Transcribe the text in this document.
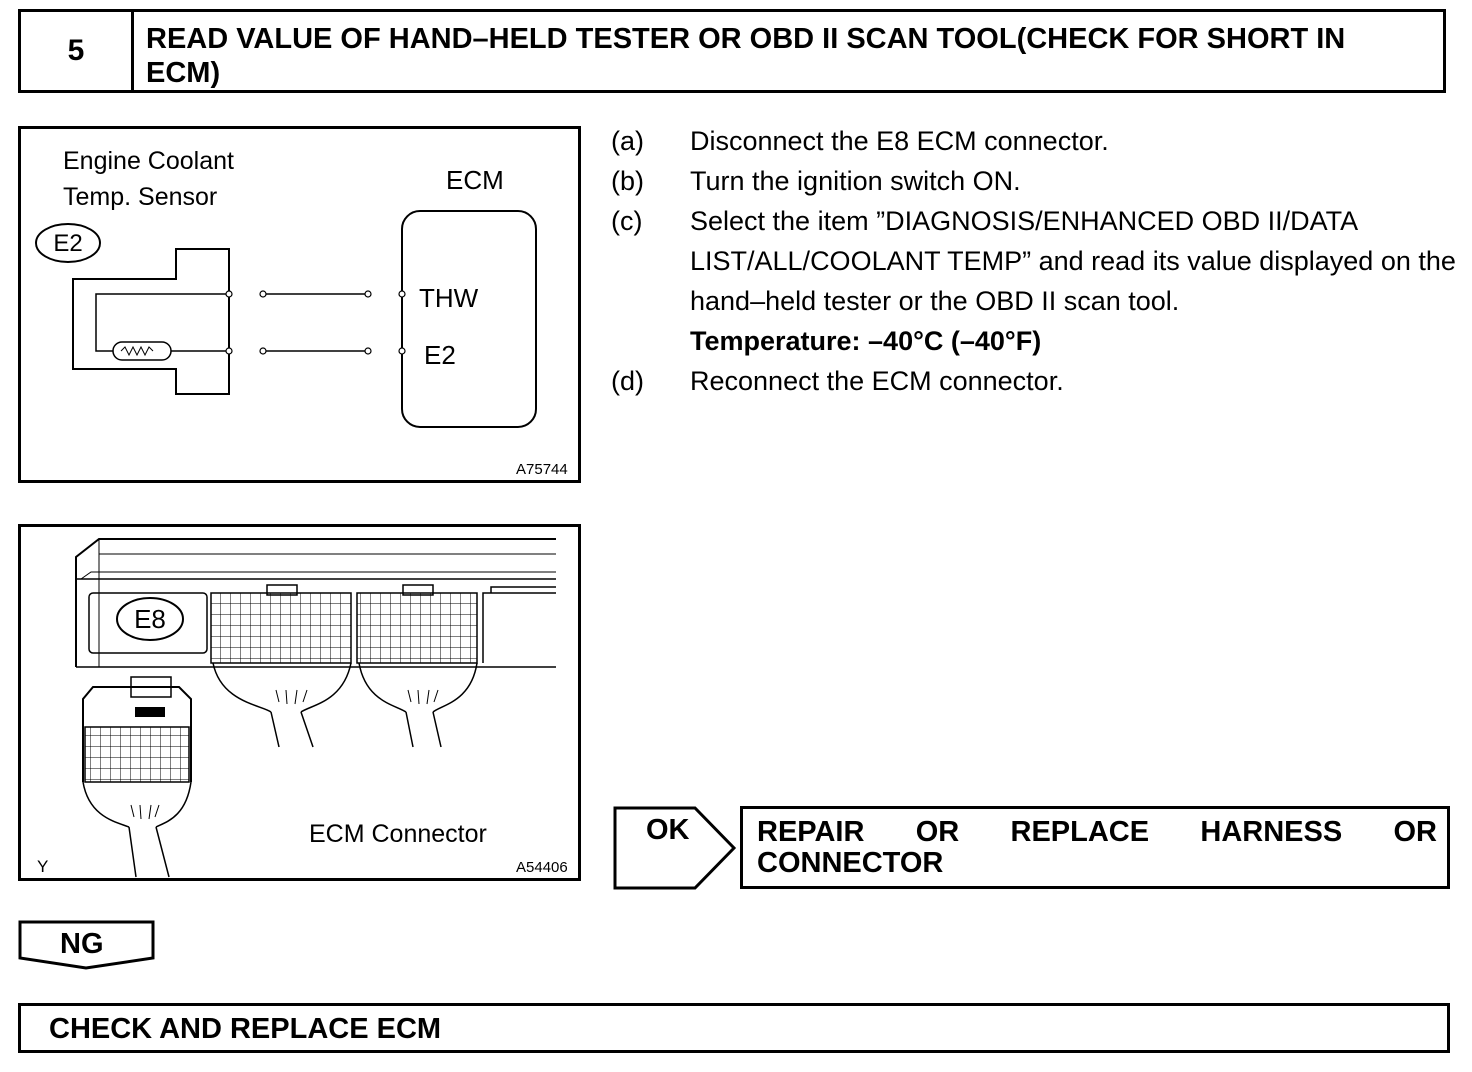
5	READ VALUE OF HAND–HELD TESTER OR OBD II SCAN TOOL(CHECK FOR SHORT IN ECM)
Engine Coolant
Temp. Sensor
E2
ECM
THW
E2
A75744
E8
ECM Connector
Y	A54406
(a)	Disconnect the E8 ECM connector.
(b)	Turn the ignition switch ON.
(c)	Select the item ”DIAGNOSIS/ENHANCED OBD II/DATA LIST/ALL/COOLANT TEMP” and read its value displayed on the hand–held tester or the OBD II scan tool.
Temperature: –40°C (–40°F)
(d)	Reconnect the ECM connector.
OK REPAIR OR REPLACE HARNESS OR CONNECTOR
NG
CHECK AND REPLACE ECM
